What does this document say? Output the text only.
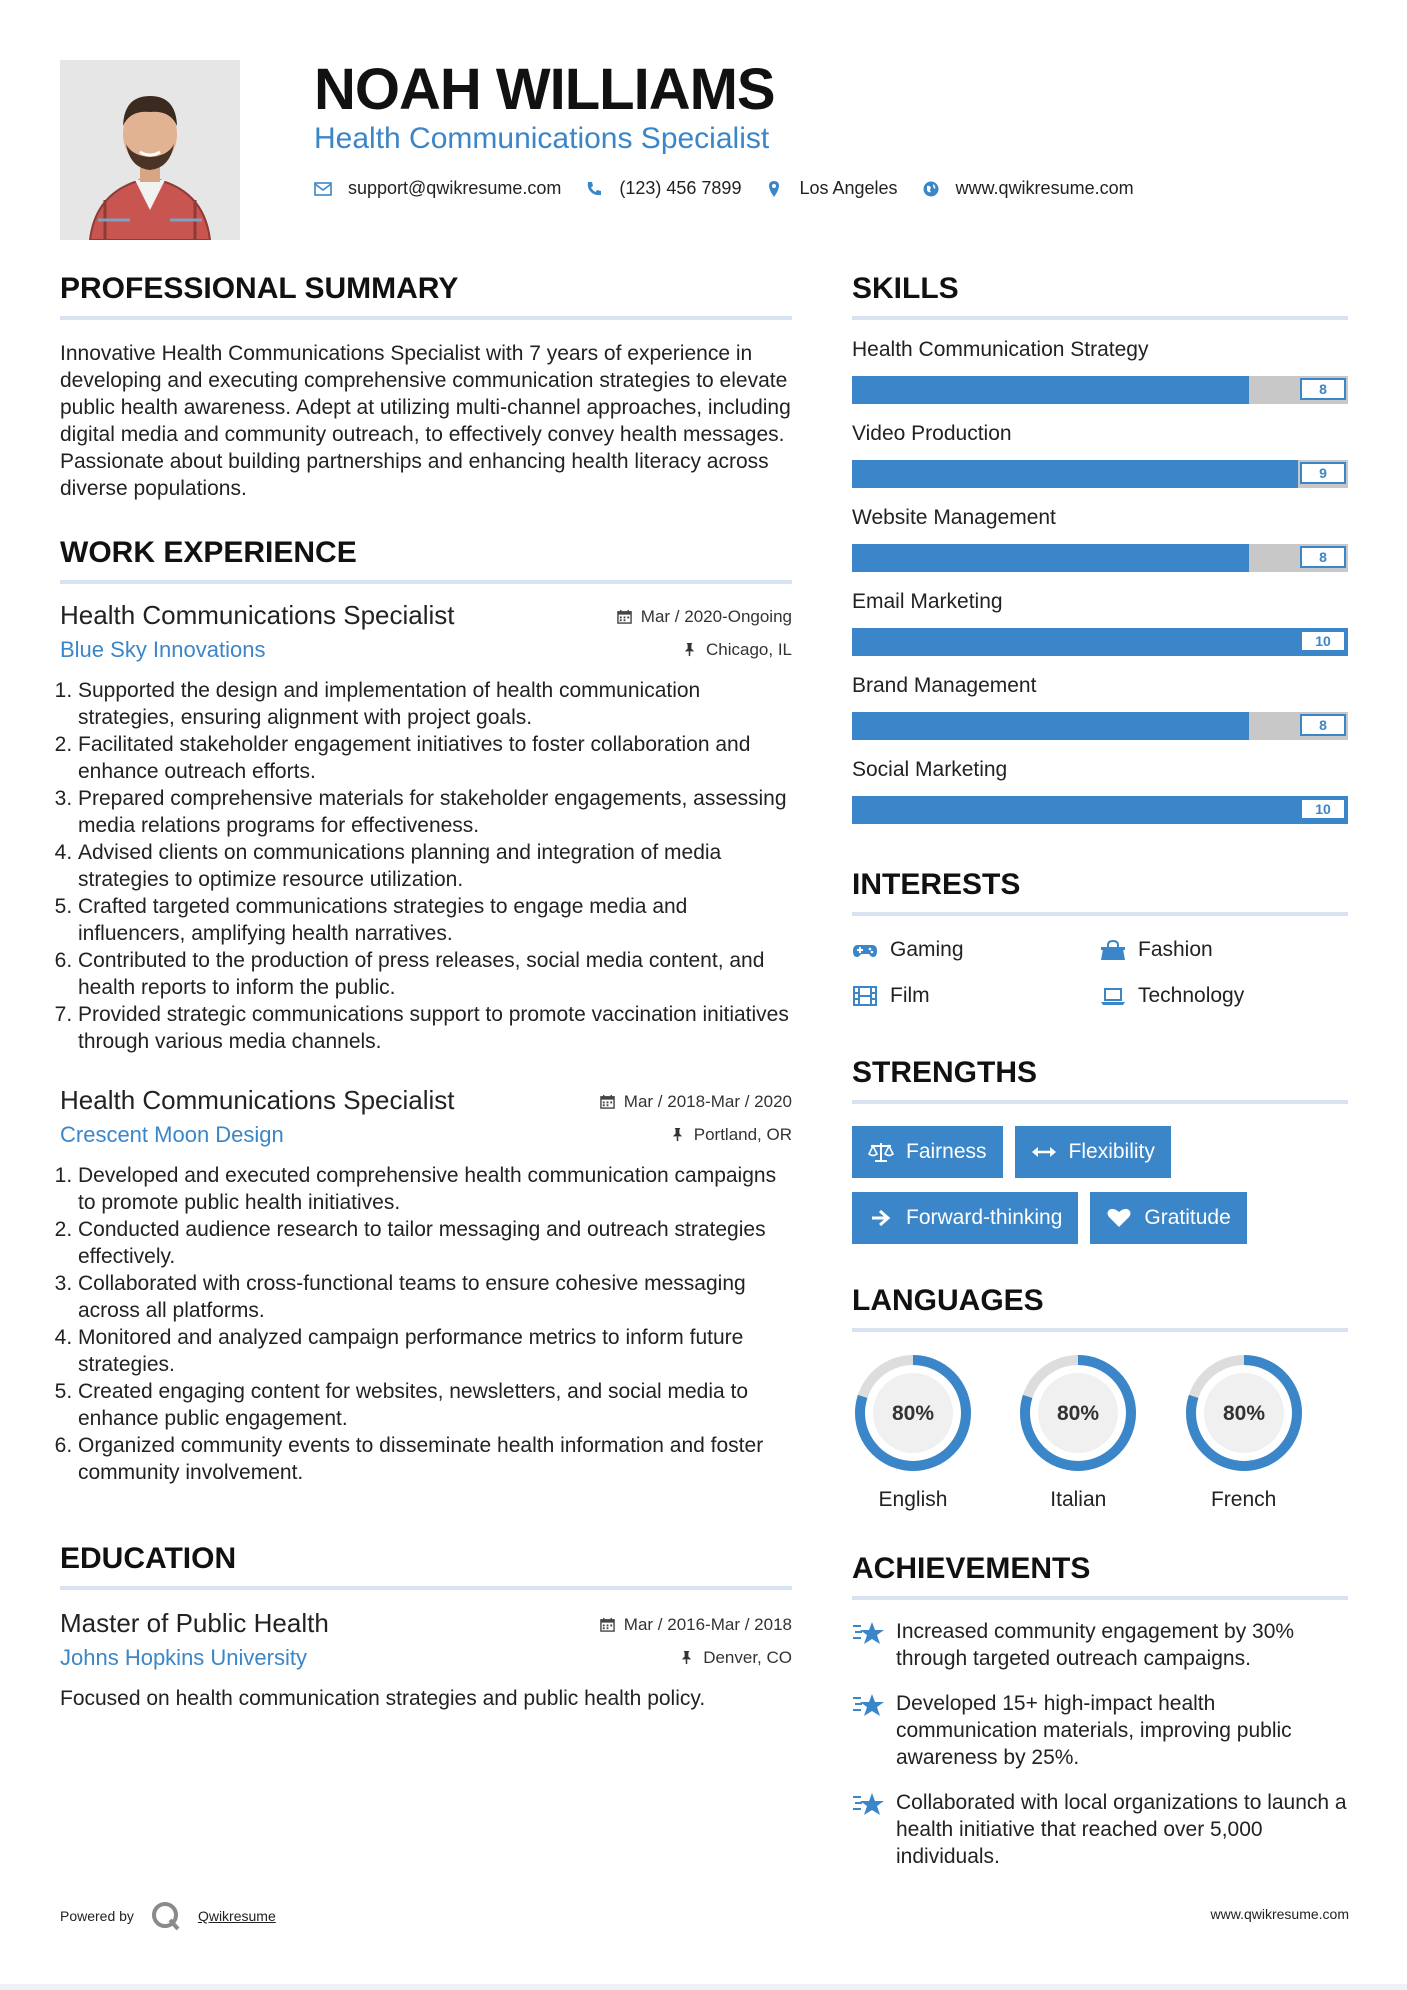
NOAH WILLIAMS
Health Communications Specialist
support@qwikresume.com	(123) 456 7899	Los Angeles	www.qwikresume.com
PROFESSIONAL SUMMARY
Innovative Health Communications Specialist with 7 years of experience in developing and executing comprehensive communication strategies to elevate public health awareness. Adept at utilizing multi-channel approaches, including digital media and community outreach, to effectively convey health messages. Passionate about building partnerships and enhancing health literacy across diverse populations.
WORK EXPERIENCE
Health Communications Specialist	Mar / 2020-Ongoing
Blue Sky Innovations	Chicago, IL
1. Supported the design and implementation of health communication strategies, ensuring alignment with project goals.
2. Facilitated stakeholder engagement initiatives to foster collaboration and enhance outreach efforts.
3. Prepared comprehensive materials for stakeholder engagements, assessing media relations programs for effectiveness.
4. Advised clients on communications planning and integration of media strategies to optimize resource utilization.
5. Crafted targeted communications strategies to engage media and influencers, amplifying health narratives.
6. Contributed to the production of press releases, social media content, and health reports to inform the public.
7. Provided strategic communications support to promote vaccination initiatives through various media channels.
Health Communications Specialist	Mar / 2018-Mar / 2020
Crescent Moon Design	Portland, OR
1. Developed and executed comprehensive health communication campaigns to promote public health initiatives.
2. Conducted audience research to tailor messaging and outreach strategies effectively.
3. Collaborated with cross-functional teams to ensure cohesive messaging across all platforms.
4. Monitored and analyzed campaign performance metrics to inform future strategies.
5. Created engaging content for websites, newsletters, and social media to enhance public engagement.
6. Organized community events to disseminate health information and foster community involvement.
EDUCATION
Master of Public Health	Mar / 2016-Mar / 2018
Johns Hopkins University	Denver, CO
Focused on health communication strategies and public health policy.
SKILLS
Health Communication Strategy
8
Video Production
9
Website Management
8
Email Marketing
10
Brand Management
8
Social Marketing
10
INTERESTS
Gaming	Fashion
Film	Technology
STRENGTHS
Fairness	Flexibility
Forward-thinking	Gratitude
LANGUAGES
80%
English
80%
Italian
80%
French
ACHIEVEMENTS
Increased community engagement by 30% through targeted outreach campaigns.
Developed 15+ high-impact health communication materials, improving public awareness by 25%.
Collaborated with local organizations to launch a health initiative that reached over 5,000 individuals.
Powered by	Qwikresume	www.qwikresume.com
